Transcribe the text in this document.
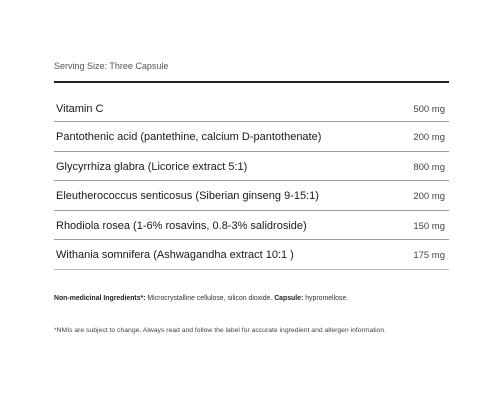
Serving Size: Three Capsule
Vitamin C	500 mg
Pantothenic acid (pantethine, calcium D-pantothenate)	200 mg
Glycyrrhiza glabra (Licorice extract 5:1)	800 mg
Eleutherococcus senticosus (Siberian ginseng 9-15:1)	200 mg
Rhodiola rosea (1-6% rosavins, 0.8-3% salidroside)	150 mg
Withania somnifera (Ashwagandha extract 10:1 )	175 mg
Non-medicinal Ingredients*: Microcrystalline cellulose, silicon dioxide. Capsule: hypromellose.
*NMIs are subject to change. Always read and follow the label for accurate ingredient and allergen information.
